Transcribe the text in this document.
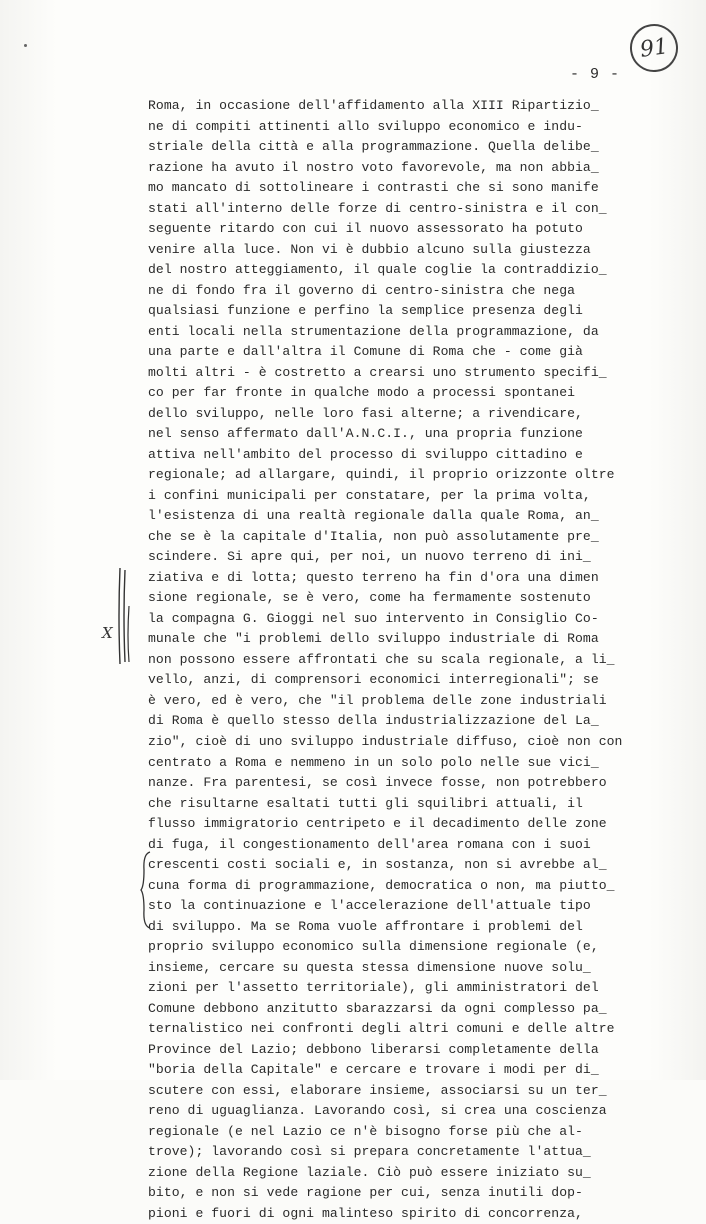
91
- 9 -
X
Roma, in occasione dell'affidamento alla XIII Ripartizio_
ne di compiti attinenti allo sviluppo economico e indu-
striale della città e alla programmazione. Quella delibe_
razione ha avuto il nostro voto favorevole, ma non abbia_
mo mancato di sottolineare i contrasti che si sono manife
stati all'interno delle forze di centro-sinistra e il con_
seguente ritardo con cui il nuovo assessorato ha potuto
venire alla luce. Non vi è dubbio alcuno sulla giustezza
del nostro atteggiamento, il quale coglie la contraddizio_
ne di fondo fra il governo di centro-sinistra che nega
qualsiasi funzione e perfino la semplice presenza degli
enti locali nella strumentazione della programmazione, da
una parte e dall'altra il Comune di Roma che - come già
molti altri - è costretto a crearsi uno strumento specifi_
co per far fronte in qualche modo a processi spontanei
dello sviluppo, nelle loro fasi alterne; a rivendicare,
nel senso affermato dall'A.N.C.I., una propria funzione
attiva nell'ambito del processo di sviluppo cittadino e
regionale; ad allargare, quindi, il proprio orizzonte oltre
i confini municipali per constatare, per la prima volta,
l'esistenza di una realtà regionale dalla quale Roma, an_
che se è la capitale d'Italia, non può assolutamente pre_
scindere. Si apre qui, per noi, un nuovo terreno di ini_
ziativa e di lotta; questo terreno ha fin d'ora una dimen
sione regionale, se è vero, come ha fermamente sostenuto
la compagna G. Gioggi nel suo intervento in Consiglio Co-
munale che "i problemi dello sviluppo industriale di Roma
non possono essere affrontati che su scala regionale, a li_
vello, anzi, di comprensori economici interregionali"; se
è vero, ed è vero, che "il problema delle zone industriali
di Roma è quello stesso della industrializzazione del La_
zio", cioè di uno sviluppo industriale diffuso, cioè non con
centrato a Roma e nemmeno in un solo polo nelle sue vici_
nanze. Fra parentesi, se così invece fosse, non potrebbero
che risultarne esaltati tutti gli squilibri attuali, il
flusso immigratorio centripeto e il decadimento delle zone
di fuga, il congestionamento dell'area romana con i suoi
crescenti costi sociali e, in sostanza, non si avrebbe al_
cuna forma di programmazione, democratica o non, ma piutto_
sto la continuazione e l'accelerazione dell'attuale tipo
di sviluppo. Ma se Roma vuole affrontare i problemi del
proprio sviluppo economico sulla dimensione regionale (e,
insieme, cercare su questa stessa dimensione nuove solu_
zioni per l'assetto territoriale), gli amministratori del
Comune debbono anzitutto sbarazzarsi da ogni complesso pa_
ternalistico nei confronti degli altri comuni e delle altre
Province del Lazio; debbono liberarsi completamente della
"boria della Capitale" e cercare e trovare i modi per di_
scutere con essi, elaborare insieme, associarsi su un ter_
reno di uguaglianza. Lavorando così, si crea una coscienza
regionale (e nel Lazio ce n'è bisogno forse più che al-
trove); lavorando così si prepara concretamente l'attua_
zione della Regione laziale. Ciò può essere iniziato su_
bito, e non si vede ragione per cui, senza inutili dop-
pioni e fuori di ogni malinteso spirito di concorrenza,
